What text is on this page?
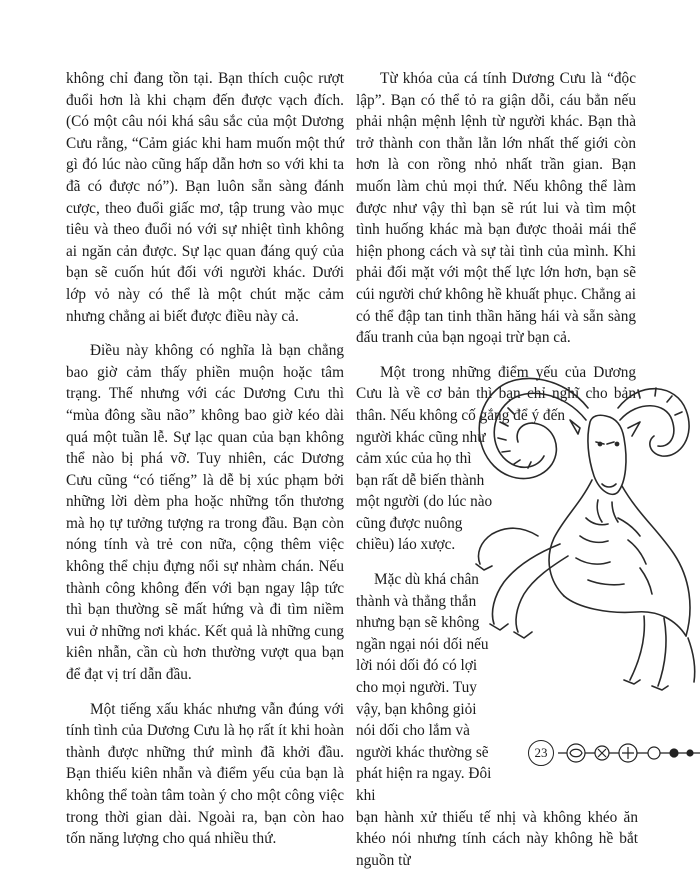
không chỉ đang tồn tại. Bạn thích cuộc rượt đuổi hơn là khi chạm đến được vạch đích. (Có một câu nói khá sâu sắc của một Dương Cưu rằng, “Cảm giác khi ham muốn một thứ gì đó lúc nào cũng hấp dẫn hơn so với khi ta đã có được nó”). Bạn luôn sẵn sàng đánh cược, theo đuổi giấc mơ, tập trung vào mục tiêu và theo đuổi nó với sự nhiệt tình không ai ngăn cản được. Sự lạc quan đáng quý của bạn sẽ cuốn hút đối với người khác. Dưới lớp vỏ này có thể là một chút mặc cảm nhưng chẳng ai biết được điều này cả.

Điều này không có nghĩa là bạn chẳng bao giờ cảm thấy phiền muộn hoặc tâm trạng. Thế nhưng với các Dương Cưu thì “mùa đông sầu não” không bao giờ kéo dài quá một tuần lễ. Sự lạc quan của bạn không thể nào bị phá vỡ. Tuy nhiên, các Dương Cưu cũng “có tiếng” là dễ bị xúc phạm bởi những lời dèm pha hoặc những tổn thương mà họ tự tưởng tượng ra trong đầu. Bạn còn nóng tính và trẻ con nữa, cộng thêm việc không thể chịu đựng nổi sự nhàm chán. Nếu thành công không đến với bạn ngay lập tức thì bạn thường sẽ mất hứng và đi tìm niềm vui ở những nơi khác. Kết quả là những cung kiên nhẫn, cần cù hơn thường vượt qua bạn để đạt vị trí dẫn đầu.

Một tiếng xấu khác nhưng vẫn đúng với tính tình của Dương Cưu là họ rất ít khi hoàn thành được những thứ mình đã khởi đầu. Bạn thiếu kiên nhẫn và điểm yếu của bạn là không thể toàn tâm toàn ý cho một công việc trong thời gian dài. Ngoài ra, bạn còn hao tốn năng lượng cho quá nhiều thứ.

Từ khóa của cá tính Dương Cưu là “độc lập”. Bạn có thể tỏ ra giận dỗi, cáu bẳn nếu phải nhận mệnh lệnh từ người khác. Bạn thà trở thành con thằn lằn lớn nhất thế giới còn hơn là con rồng nhỏ nhất trần gian. Bạn muốn làm chủ mọi thứ. Nếu không thể làm được như vậy thì bạn sẽ rút lui và tìm một tình huống khác mà bạn được thoải mái thể hiện phong cách và sự tài tình của mình. Khi phải đối mặt với một thế lực lớn hơn, bạn sẽ cúi người chứ không hề khuất phục. Chẳng ai có thể đập tan tinh thần hăng hái và sẵn sàng đấu tranh của bạn ngoại trừ bạn cả.

Một trong những điểm yếu của Dương Cưu là về cơ bản thì bạn chỉ nghĩ cho bản thân. Nếu không cố gắng để ý đến

người khác cũng như cảm xúc của họ thì bạn rất dễ biến thành một người (do lúc nào cũng được nuông chiều) láo xược.

Mặc dù khá chân thành và thẳng thắn nhưng bạn sẽ không ngần ngại nói dối nếu lời nói dối đó có lợi cho mọi người. Tuy vậy, bạn không giỏi nói dối cho lắm và người khác thường sẽ phát hiện ra ngay. Đôi khi

bạn hành xử thiếu tế nhị và không khéo ăn khéo nói nhưng tính cách này không hề bắt nguồn từ

23
